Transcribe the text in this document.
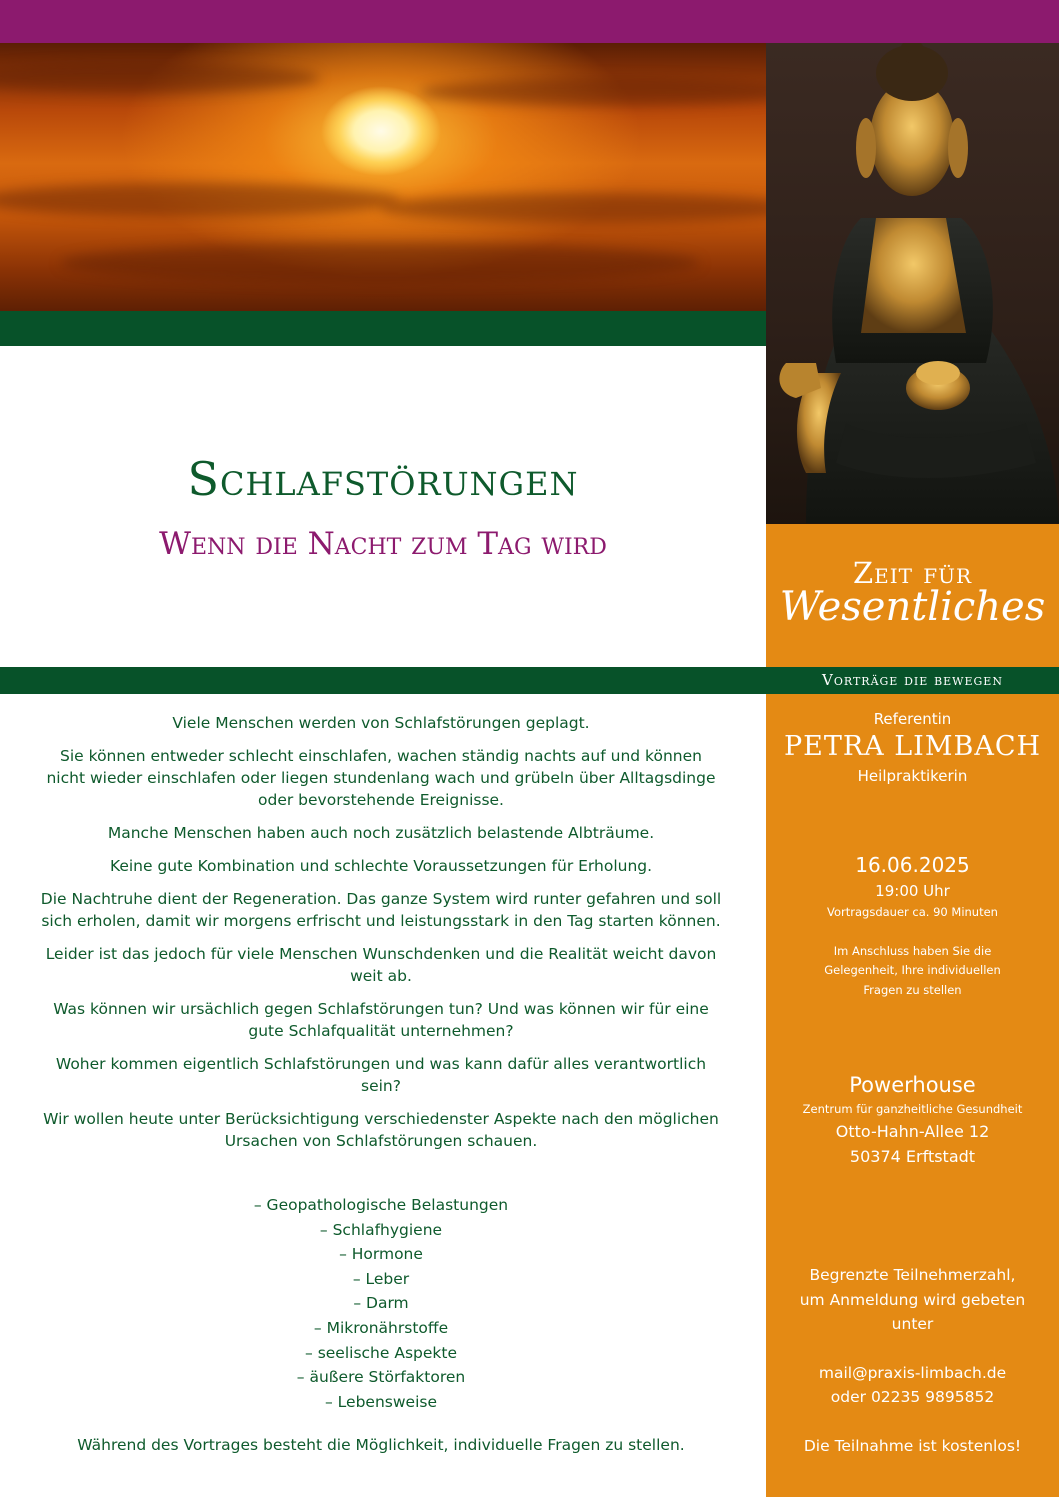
Schlafstörungen
Wenn die Nacht zum Tag wird
Zeit für
Wesentliches
Vorträge die bewegen
Referentin
PETRA LIMBACH
Heilpraktikerin
16.06.2025
19:00 Uhr
Vortragsdauer ca. 90 Minuten
Im Anschluss haben Sie die
Gelegenheit, Ihre individuellen
Fragen zu stellen
Powerhouse
Zentrum für ganzheitliche Gesundheit
Otto-Hahn-Allee 12
50374 Erftstadt
Begrenzte Teilnehmerzahl,
um Anmeldung wird gebeten
unter
mail@praxis-limbach.de
oder 02235 9895852
Die Teilnahme ist kostenlos!

Viele Menschen werden von Schlafstörungen geplagt.

Sie können entweder schlecht einschlafen, wachen ständig nachts auf und können nicht wieder einschlafen oder liegen stundenlang wach und grübeln über Alltagsdinge oder bevorstehende Ereignisse.

Manche Menschen haben auch noch zusätzlich belastende Albträume.

Keine gute Kombination und schlechte Voraussetzungen für Erholung.

Die Nachtruhe dient der Regeneration. Das ganze System wird runter gefahren und soll sich erholen, damit wir morgens erfrischt und leistungsstark in den Tag starten können.

Leider ist das jedoch für viele Menschen Wunschdenken und die Realität weicht davon weit ab.

Was können wir ursächlich gegen Schlafstörungen tun? Und was können wir für eine gute Schlafqualität unternehmen?

Woher kommen eigentlich Schlafstörungen und was kann dafür alles verantwortlich sein?

Wir wollen heute unter Berücksichtigung verschiedenster Aspekte nach den möglichen Ursachen von Schlafstörungen schauen.

– Geopathologische Belastungen
– Schlafhygiene
– Hormone
– Leber
– Darm
– Mikronährstoffe
– seelische Aspekte
– äußere Störfaktoren
– Lebensweise
Während des Vortrages besteht die Möglichkeit, individuelle Fragen zu stellen.
